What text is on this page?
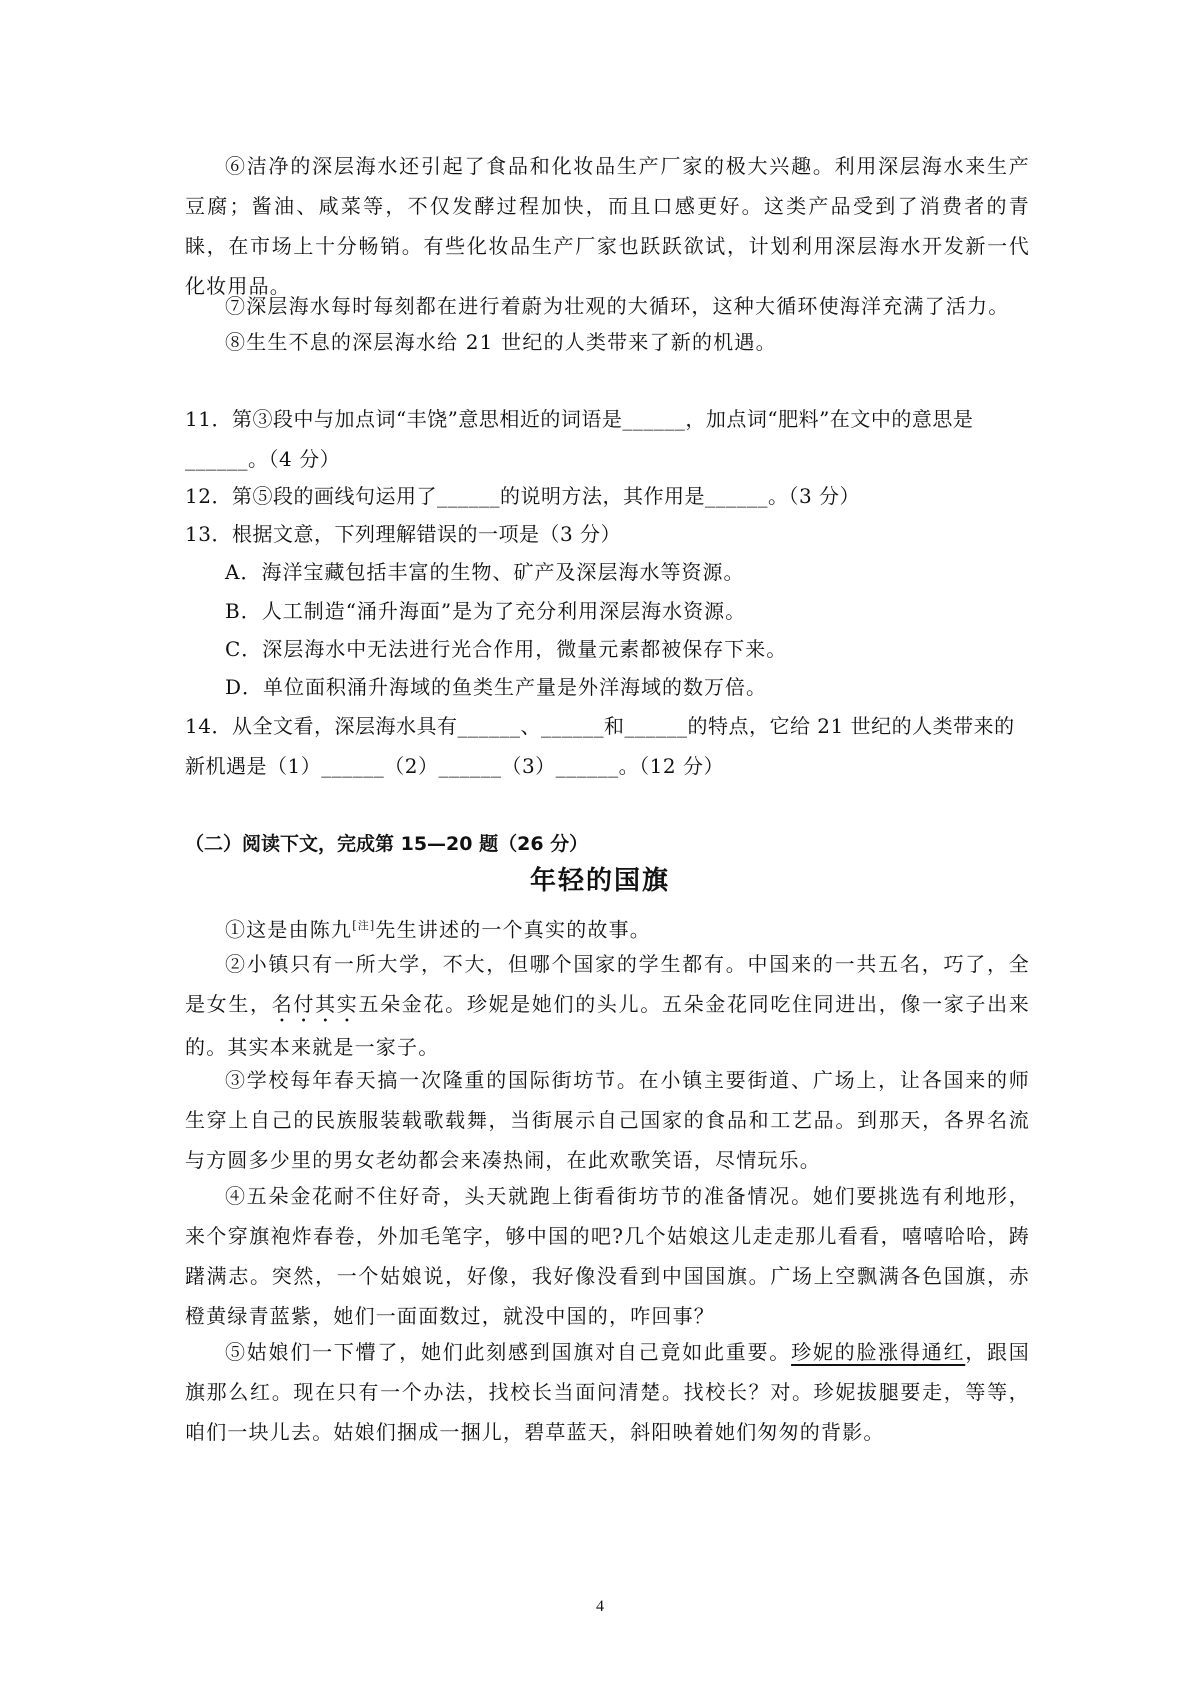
⑥洁净的深层海水还引起了食品和化妆品生产厂家的极大兴趣。利用深层海水来生产豆腐；酱油、咸菜等，不仅发酵过程加快，而且口感更好。这类产品受到了消费者的青睐，在市场上十分畅销。有些化妆品生产厂家也跃跃欲试，计划利用深层海水开发新一代化妆用品。
⑦深层海水每时每刻都在进行着蔚为壮观的大循环，这种大循环使海洋充满了活力。
⑧生生不息的深层海水给 21 世纪的人类带来了新的机遇。
11．第③段中与加点词“丰饶”意思相近的词语是______，加点词“肥料”在文中的意思是______。（4 分）
12．第⑤段的画线句运用了______的说明方法，其作用是______。（3 分）
13．根据文意，下列理解错误的一项是（3 分）
A．海洋宝藏包括丰富的生物、矿产及深层海水等资源。
B．人工制造“涌升海面”是为了充分利用深层海水资源。
C．深层海水中无法进行光合作用，微量元素都被保存下来。
D．单位面积涌升海域的鱼类生产量是外洋海域的数万倍。
14．从全文看，深层海水具有______、______和______的特点，它给 21 世纪的人类带来的新机遇是（1）______（2）______（3）______。（12 分）
（二）阅读下文，完成第 15—20 题（26 分）
年轻的国旗
①这是由陈九[注]先生讲述的一个真实的故事。
②小镇只有一所大学，不大，但哪个国家的学生都有。中国来的一共五名，巧了，全是女生，名付其实五朵金花。珍妮是她们的头儿。五朵金花同吃住同进出，像一家子出来的。其实本来就是一家子。
③学校每年春天搞一次隆重的国际街坊节。在小镇主要街道、广场上，让各国来的师生穿上自己的民族服装载歌载舞，当街展示自己国家的食品和工艺品。到那天，各界名流与方圆多少里的男女老幼都会来凑热闹，在此欢歌笑语，尽情玩乐。
④五朵金花耐不住好奇，头天就跑上街看街坊节的准备情况。她们要挑选有利地形，来个穿旗袍炸春卷，外加毛笔字，够中国的吧?几个姑娘这儿走走那儿看看，嘻嘻哈哈，踌躇满志。突然，一个姑娘说，好像，我好像没看到中国国旗。广场上空飘满各色国旗，赤橙黄绿青蓝紫，她们一面面数过，就没中国的，咋回事？
⑤姑娘们一下懵了，她们此刻感到国旗对自己竟如此重要。珍妮的脸涨得通红，跟国旗那么红。现在只有一个办法，找校长当面问清楚。找校长？对。珍妮拔腿要走，等等，咱们一块儿去。姑娘们捆成一捆儿，碧草蓝天，斜阳映着她们匆匆的背影。
4
